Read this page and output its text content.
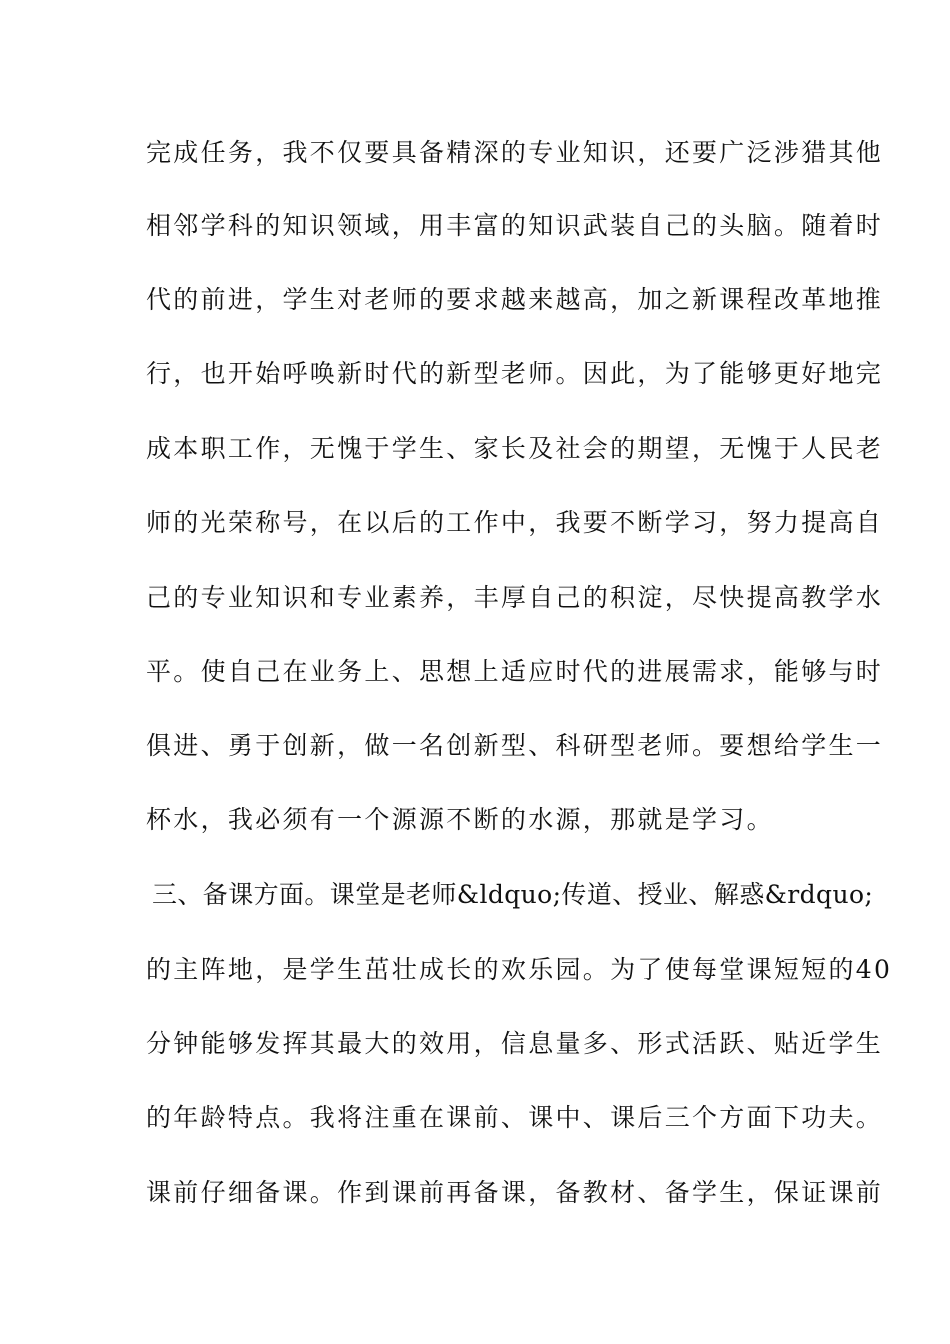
完成任务，我不仅要具备精深的专业知识，还要广泛涉猎其他
相邻学科的知识领域，用丰富的知识武装自己的头脑。随着时
代的前进，学生对老师的要求越来越高，加之新课程改革地推
行，也开始呼唤新时代的新型老师。因此，为了能够更好地完
成本职工作，无愧于学生、家长及社会的期望，无愧于人民老
师的光荣称号，在以后的工作中，我要不断学习，努力提高自
己的专业知识和专业素养，丰厚自己的积淀，尽快提高教学水
平。使自己在业务上、思想上适应时代的进展需求，能够与时
俱进、勇于创新，做一名创新型、科研型老师。要想给学生一
杯水，我必须有一个源源不断的水源，那就是学习。
三、备课方面。课堂是老师&ldquo;传道、授业、解惑&rdquo;
的主阵地，是学生茁壮成长的欢乐园。为了使每堂课短短的40
分钟能够发挥其最大的效用，信息量多、形式活跃、贴近学生
的年龄特点。我将注重在课前、课中、课后三个方面下功夫。
课前仔细备课。作到课前再备课，备教材、备学生，保证课前
